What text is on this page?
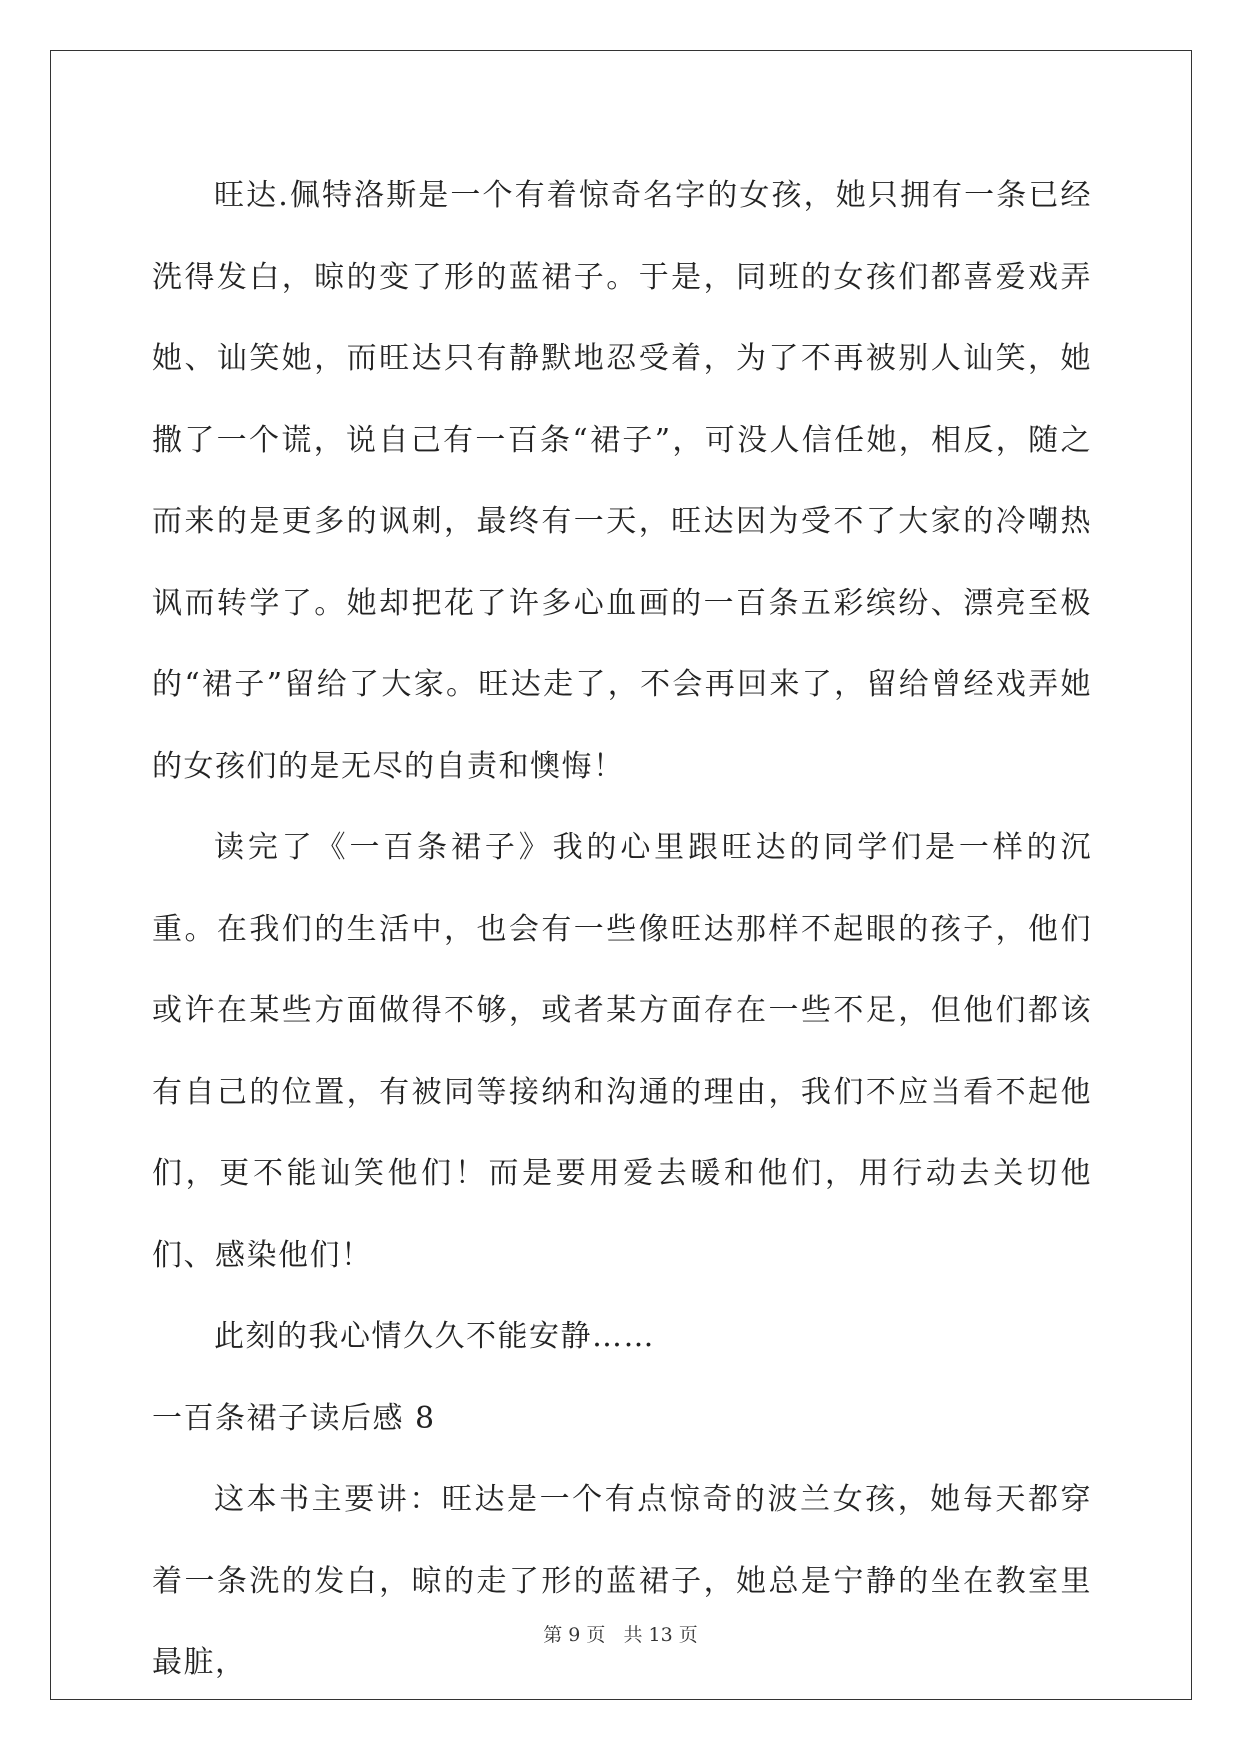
旺达.佩特洛斯是一个有着惊奇名字的女孩，她只拥有一条已经洗得发白，晾的变了形的蓝裙子。于是，同班的女孩们都喜爱戏弄她、讪笑她，而旺达只有静默地忍受着，为了不再被别人讪笑，她撒了一个谎，说自己有一百条“裙子”，可没人信任她，相反，随之而来的是更多的讽刺，最终有一天，旺达因为受不了大家的冷嘲热讽而转学了。她却把花了许多心血画的一百条五彩缤纷、漂亮至极的“裙子”留给了大家。旺达走了，不会再回来了，留给曾经戏弄她的女孩们的是无尽的自责和懊悔！

读完了《一百条裙子》我的心里跟旺达的同学们是一样的沉重。在我们的生活中，也会有一些像旺达那样不起眼的孩子，他们或许在某些方面做得不够，或者某方面存在一些不足，但他们都该有自己的位置，有被同等接纳和沟通的理由，我们不应当看不起他们，更不能讪笑他们！而是要用爱去暖和他们，用行动去关切他们、感染他们！

此刻的我心情久久不能安静……

一百条裙子读后感 8

这本书主要讲：旺达是一个有点惊奇的波兰女孩，她每天都穿着一条洗的发白，晾的走了形的蓝裙子，她总是宁静的坐在教室里最脏，

第 9 页 共 13 页
